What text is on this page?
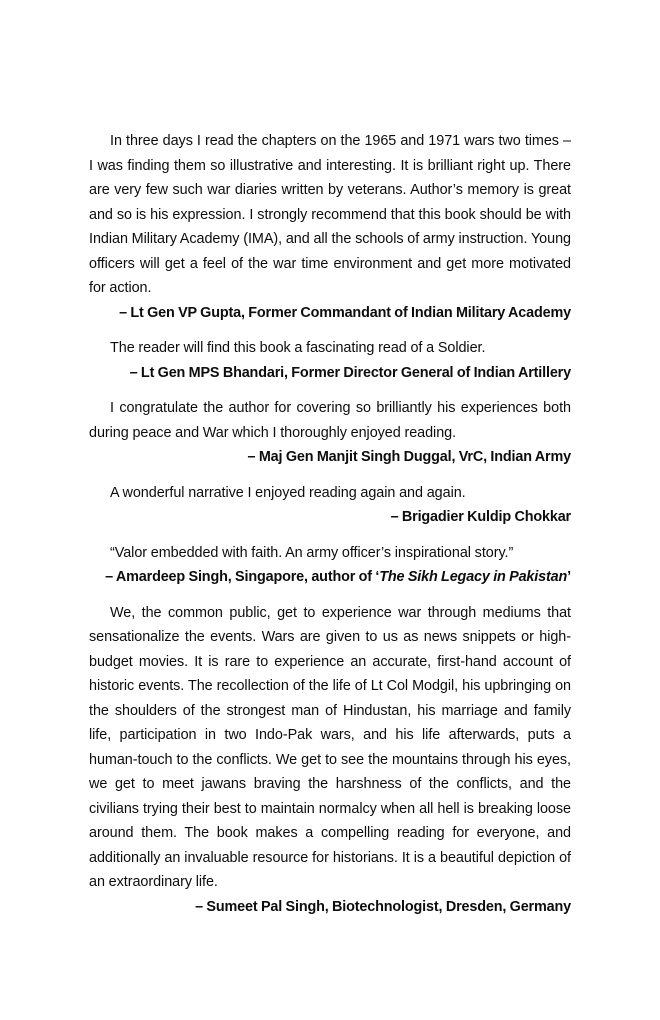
In three days I read the chapters on the 1965 and 1971 wars two times – I was finding them so illustrative and interesting. It is brilliant right up. There are very few such war diaries written by veterans. Author’s memory is great and so is his expression. I strongly recommend that this book should be with Indian Military Academy (IMA), and all the schools of army instruction. Young officers will get a feel of the war time environment and get more motivated for action.

– Lt Gen VP Gupta, Former Commandant of Indian Military Academy

The reader will find this book a fascinating read of a Soldier.

– Lt Gen MPS Bhandari, Former Director General of Indian Artillery

I congratulate the author for covering so brilliantly his experiences both during peace and War which I thoroughly enjoyed reading.

– Maj Gen Manjit Singh Duggal, VrC, Indian Army

A wonderful narrative I enjoyed reading again and again.

– Brigadier Kuldip Chokkar

“Valor embedded with faith. An army officer’s inspirational story.”

– Amardeep Singh, Singapore, author of ‘The Sikh Legacy in Pakistan’

We, the common public, get to experience war through mediums that sensationalize the events. Wars are given to us as news snippets or high-budget movies. It is rare to experience an accurate, first-hand account of historic events. The recollection of the life of Lt Col Modgil, his upbringing on the shoulders of the strongest man of Hindustan, his marriage and family life, participation in two Indo-Pak wars, and his life afterwards, puts a human-touch to the conflicts. We get to see the mountains through his eyes, we get to meet jawans braving the harshness of the conflicts, and the civilians trying their best to maintain normalcy when all hell is breaking loose around them. The book makes a compelling reading for everyone, and additionally an invaluable resource for historians. It is a beautiful depiction of an extraordinary life.

– Sumeet Pal Singh, Biotechnologist, Dresden, Germany
